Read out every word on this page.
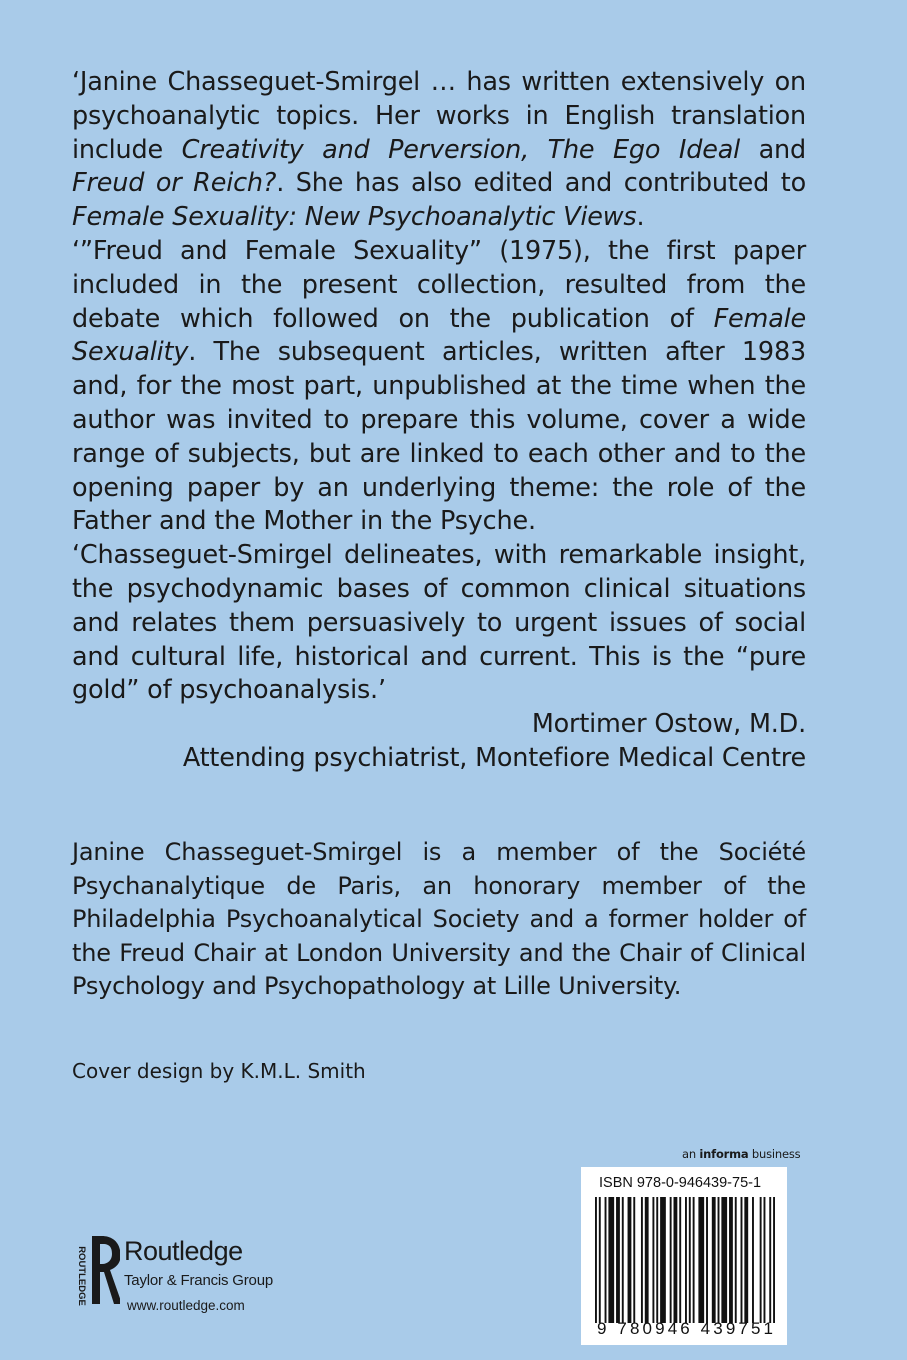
‘Janine Chasseguet-Smirgel … has written extensively on psychoanalytic topics. Her works in English translation include Creativity and Perversion, The Ego Ideal and Freud or Reich?. She has also edited and contributed to Female Sexuality: New Psychoanalytic Views.

‘”Freud and Female Sexuality” (1975), the first paper included in the present collection, resulted from the debate which followed on the publication of Female Sexuality. The subsequent articles, written after 1983 and, for the most part, unpublished at the time when the author was invited to prepare this volume, cover a wide range of subjects, but are linked to each other and to the opening paper by an underlying theme: the role of the Father and the Mother in the Psyche.

‘Chasseguet-Smirgel delineates, with remarkable insight, the psychodynamic bases of common clinical situations and relates them persuasively to urgent issues of social and cultural life, historical and current. This is the “pure gold” of psychoanalysis.’

Mortimer Ostow, M.D.

Attending psychiatrist, Montefiore Medical Centre

Janine Chasseguet-Smirgel is a member of the Société Psychanalytique de Paris, an honorary member of the Philadelphia Psychoanalytical Society and a former holder of the Freud Chair at London University and the Chair of Clinical Psychology and Psychopathology at Lille University.

Cover design by K.M.L. Smith
an informa business
ISBN 978-0-946439-75-1
9 780946 439751
ROUTLEDGE Routledge
Taylor & Francis Group
www.routledge.com
